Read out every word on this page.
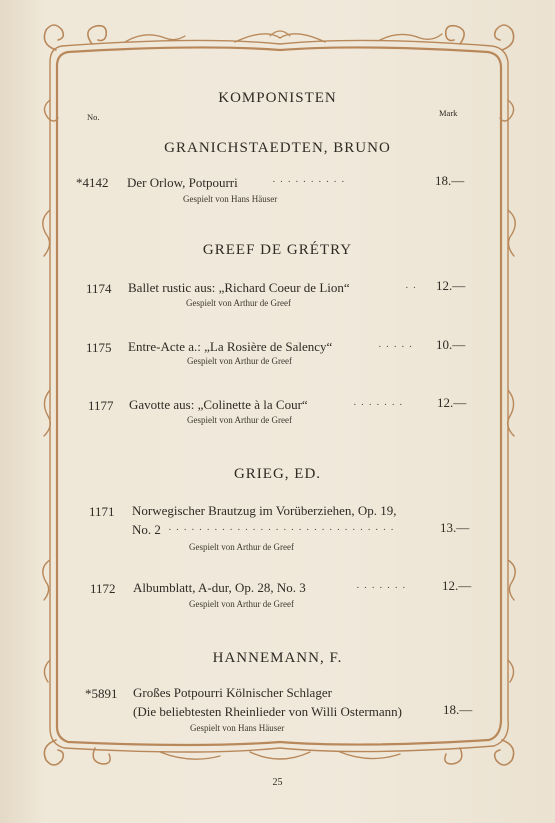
KOMPONISTEN
No.	Mark
GRANICHSTAEDTEN, BRUNO
*4142 Der Orlow, Potpourri	··········	18.—
Gespielt von Hans Häuser
GREEF DE GRÉTRY
1174 Ballet rustic aus: „Richard Coeur de Lion“	·· 12.—
Gespielt von Arthur de Greef
1175 Entre-Acte a.: „La Rosière de Salency“	····· 10.—
Gespielt von Arthur de Greef
1177 Gavotte aus: „Colinette à la Cour“	······· 12.—
Gespielt von Arthur de Greef
GRIEG, ED.
1171 Norwegischer Brautzug im Vorüberziehen, Op. 19,
No. 2 ······························	13.—
Gespielt von Arthur de Greef
1172 Albumblatt, A-dur, Op. 28, No. 3	······· 12.—
Gespielt von Arthur de Greef
HANNEMANN, F.
*5891 Großes Potpourri Kölnischer Schlager
(Die beliebtesten Rheinlieder von Willi Ostermann)	18.—
Gespielt von Hans Häuser
25
